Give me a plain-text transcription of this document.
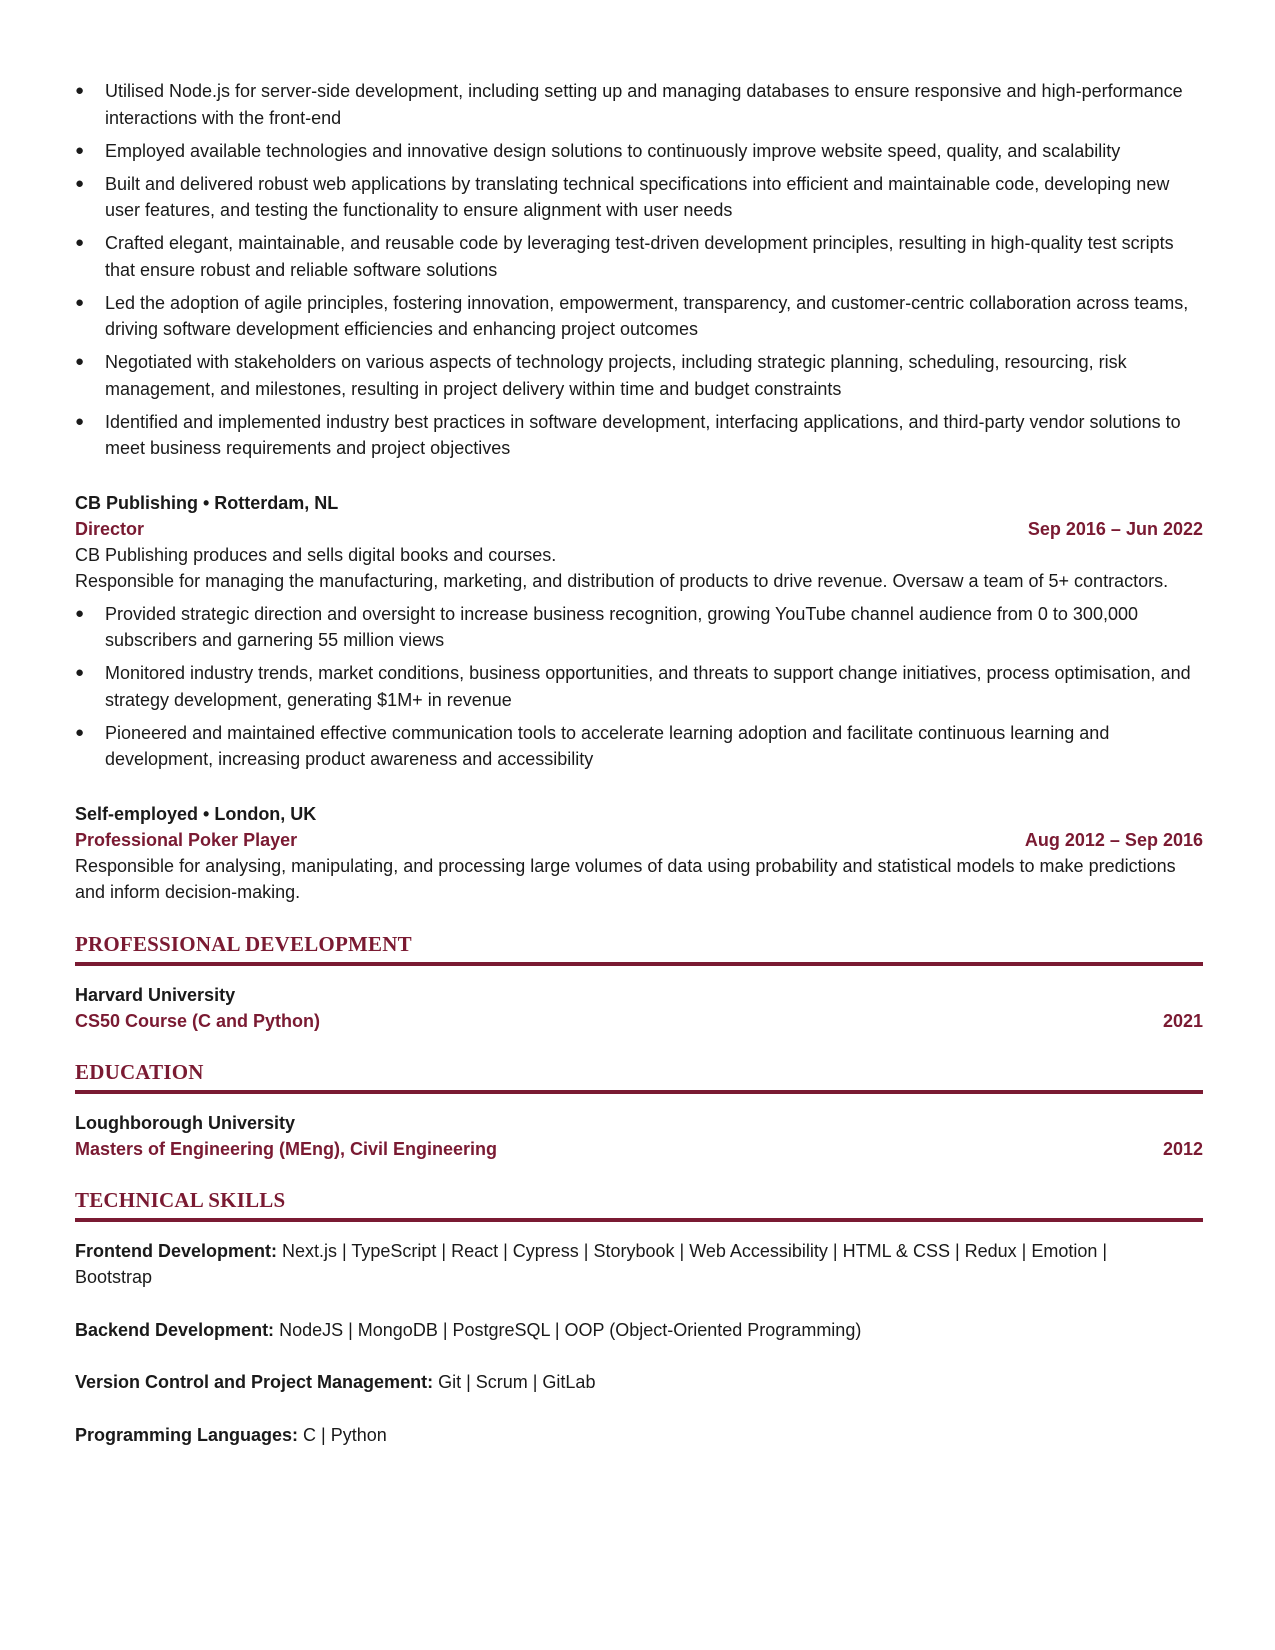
● Utilised Node.js for server-side development, including setting up and managing databases to ensure responsive and high-performance interactions with the front-end
● Employed available technologies and innovative design solutions to continuously improve website speed, quality, and scalability
● Built and delivered robust web applications by translating technical specifications into efficient and maintainable code, developing new user features, and testing the functionality to ensure alignment with user needs
● Crafted elegant, maintainable, and reusable code by leveraging test-driven development principles, resulting in high-quality test scripts that ensure robust and reliable software solutions
● Led the adoption of agile principles, fostering innovation, empowerment, transparency, and customer-centric collaboration across teams, driving software development efficiencies and enhancing project outcomes
● Negotiated with stakeholders on various aspects of technology projects, including strategic planning, scheduling, resourcing, risk management, and milestones, resulting in project delivery within time and budget constraints
● Identified and implemented industry best practices in software development, interfacing applications, and third-party vendor solutions to meet business requirements and project objectives
CB Publishing • Rotterdam, NL
Director	Sep 2016 – Jun 2022
CB Publishing produces and sells digital books and courses.
Responsible for managing the manufacturing, marketing, and distribution of products to drive revenue. Oversaw a team of 5+ contractors.
● Provided strategic direction and oversight to increase business recognition, growing YouTube channel audience from 0 to 300,000 subscribers and garnering 55 million views
● Monitored industry trends, market conditions, business opportunities, and threats to support change initiatives, process optimisation, and strategy development, generating $1M+ in revenue
● Pioneered and maintained effective communication tools to accelerate learning adoption and facilitate continuous learning and development, increasing product awareness and accessibility
Self-employed • London, UK
Professional Poker Player	Aug 2012 – Sep 2016
Responsible for analysing, manipulating, and processing large volumes of data using probability and statistical models to make predictions and inform decision-making.
PROFESSIONAL DEVELOPMENT
Harvard University
CS50 Course (C and Python)	2021
EDUCATION
Loughborough University
Masters of Engineering (MEng), Civil Engineering	2012
TECHNICAL SKILLS
Frontend Development: Next.js | TypeScript | React | Cypress | Storybook | Web Accessibility | HTML & CSS | Redux | Emotion | Bootstrap
Backend Development: NodeJS | MongoDB | PostgreSQL | OOP (Object-Oriented Programming)
Version Control and Project Management: Git | Scrum | GitLab
Programming Languages: C | Python
